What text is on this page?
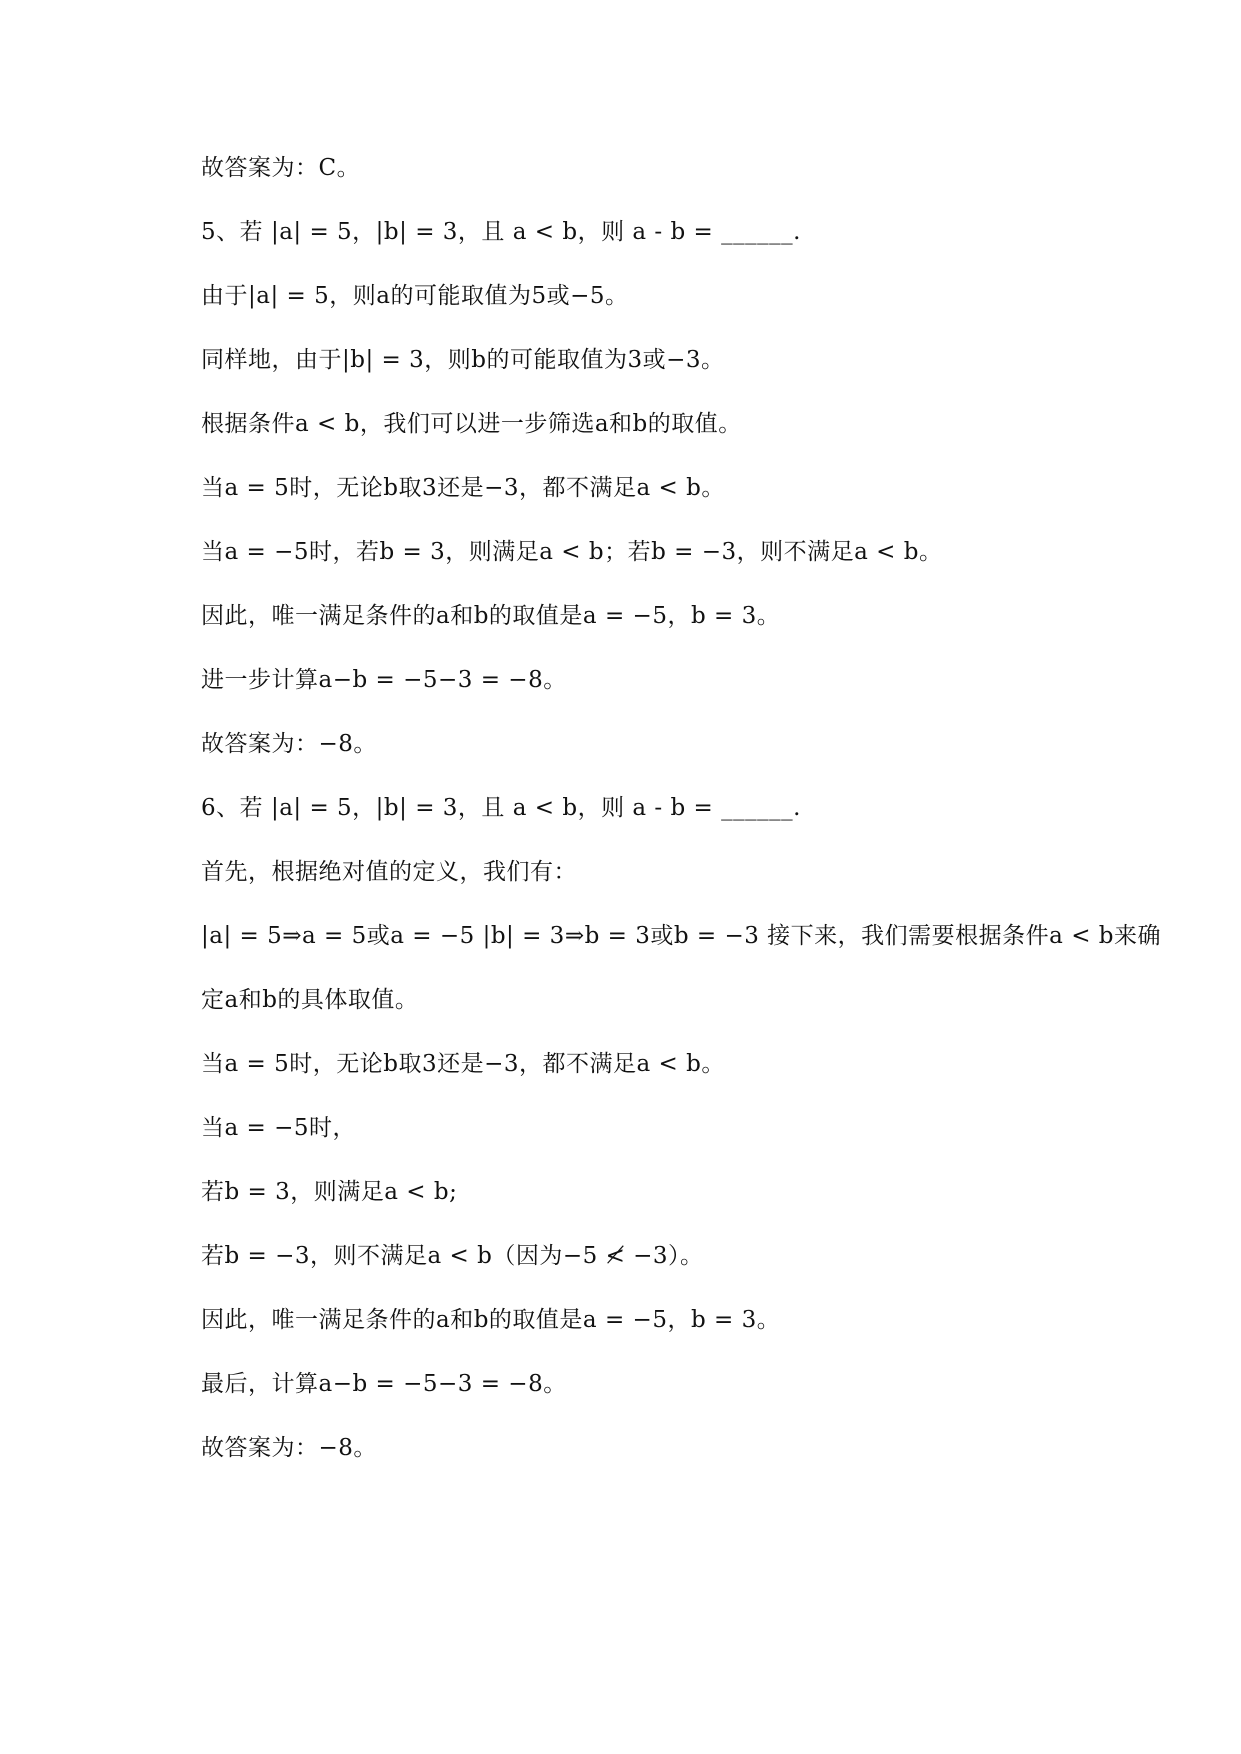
故答案为：C。
5、若 |a| = 5，|b| = 3，且 a < b，则 a - b = ______.
由于|a| = 5，则a的可能取值为5或−5。
同样地，由于|b| = 3，则b的可能取值为3或−3。
根据条件a < b，我们可以进一步筛选a和b的取值。
当a = 5时，无论b取3还是−3，都不满足a < b。
当a = −5时，若b = 3，则满足a < b；若b = −3，则不满足a < b。
因此，唯一满足条件的a和b的取值是a = −5，b = 3。
进一步计算a−b = −5−3 = −8。
故答案为：−8。
6、若 |a| = 5，|b| = 3，且 a < b，则 a - b = ______.
首先，根据绝对值的定义，我们有：
|a| = 5⇒a = 5或a = −5 |b| = 3⇒b = 3或b = −3 接下来，我们需要根据条件a < b来确
定a和b的具体取值。
当a = 5时，无论b取3还是−3，都不满足a < b。
当a = −5时，
若b = 3，则满足a < b;
若b = −3，则不满足a < b（因为−5 ≮ −3）。
因此，唯一满足条件的a和b的取值是a = −5，b = 3。
最后，计算a−b = −5−3 = −8。
故答案为：−8。
